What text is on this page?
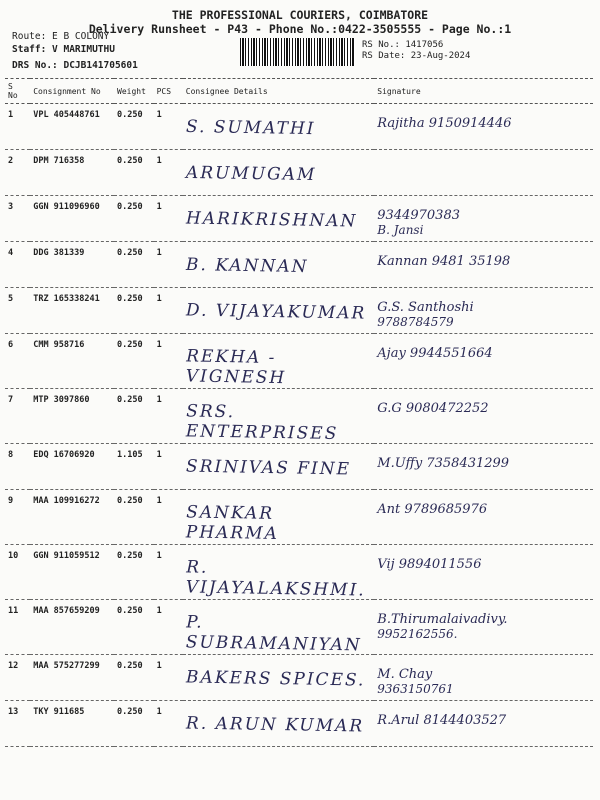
THE PROFESSIONAL COURIERS, COIMBATORE
Delivery Runsheet - P43 - Phone No.:0422-3505555 - Page No.:1
Route: E B COLONY
Staff: V MARIMUTHU
DRS No.: DCJB141705601
RS No.: 1417056
RS Date: 23-Aug-2024
S No	Consignment No	Weight	PCS	Consignee Details	Signature
1	VPL 405448761	0.250	1	S. SUMATHI	Rajitha 9150914446

2	DPM 716358	0.250	1	ARUMUGAM	

3	GGN 911096960	0.250	1	HARIKRISHNAN	9344970383
B. Jansi

4	DDG 381339	0.250	1	B. KANNAN	Kannan 9481 35198

5	TRZ 165338241	0.250	1	D. VIJAYAKUMAR	G.S. Santhoshi
9788784579

6	CMM 958716	0.250	1	REKHA - VIGNESH	Ajay 9944551664

7	MTP 3097860	0.250	1	SRS. ENTERPRISES	G.G 9080472252

8	EDQ 16706920	1.105	1	SRINIVAS FINE	M.Uffy 7358431299

9	MAA 109916272	0.250	1	SANKAR PHARMA	Ant 9789685976

10	GGN 911059512	0.250	1	R. VIJAYALAKSHMI.	Vij 9894011556

11	MAA 857659209	0.250	1	P. SUBRAMANIYAN	B.Thirumalaivadivy.
9952162556.

12	MAA 575277299	0.250	1	BAKERS SPICES.	M. Chay
9363150761

13	TKY 911685	0.250	1	R. ARUN KUMAR	R.Arul 8144403527
